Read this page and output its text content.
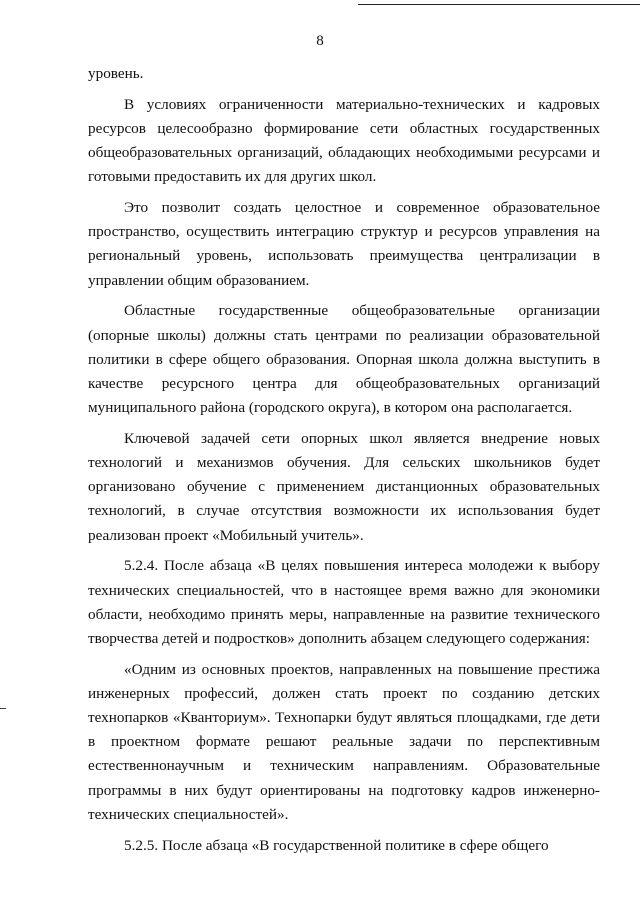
8

уровень.

В условиях ограниченности материально-технических и кадровых ресурсов целесообразно формирование сети областных государственных общеобразовательных организаций, обладающих необходимыми ресурсами и готовыми предоставить их для других школ.

Это позволит создать целостное и современное образовательное пространство, осуществить интеграцию структур и ресурсов управления на региональный уровень, использовать преимущества централизации в управлении общим образованием.

Областные государственные общеобразовательные организации (опорные школы) должны стать центрами по реализации образовательной политики в сфере общего образования. Опорная школа должна выступить в качестве ресурсного центра для общеобразовательных организаций муниципального района (городского округа), в котором она располагается.

Ключевой задачей сети опорных школ является внедрение новых технологий и механизмов обучения. Для сельских школьников будет организовано обучение с применением дистанционных образовательных технологий, в случае отсутствия возможности их использования будет реализован проект «Мобильный учитель».

5.2.4. После абзаца «В целях повышения интереса молодежи к выбору технических специальностей, что в настоящее время важно для экономики области, необходимо принять меры, направленные на развитие технического творчества детей и подростков» дополнить абзацем следующего содержания:

«Одним из основных проектов, направленных на повышение престижа инженерных профессий, должен стать проект по созданию детских технопарков «Кванториум». Технопарки будут являться площадками, где дети в проектном формате решают реальные задачи по перспективным естественнонаучным и техническим направлениям. Образовательные программы в них будут ориентированы на подготовку кадров инженерно-технических специальностей».

5.2.5. После абзаца «В государственной политике в сфере общего
